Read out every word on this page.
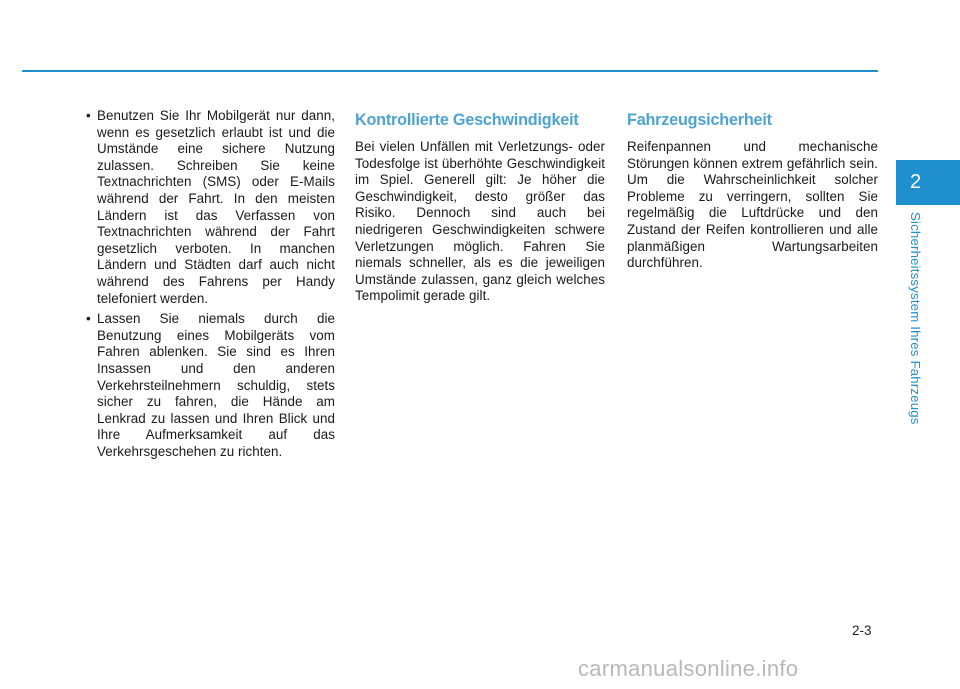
• Benutzen Sie Ihr Mobilgerät nur dann, wenn es gesetzlich erlaubt ist und die Umstände eine sichere Nutzung zulassen. Schreiben Sie keine Textnachrichten (SMS) oder E-Mails während der Fahrt. In den meisten Ländern ist das Verfassen von Textnachrichten während der Fahrt gesetzlich verboten. In manchen Ländern und Städten darf auch nicht während des Fahrens per Handy telefoniert werden.
• Lassen Sie niemals durch die Benutzung eines Mobilgeräts vom Fahren ablenken. Sie sind es Ihren Insassen und den anderen Verkehrsteilnehmern schuldig, stets sicher zu fahren, die Hände am Lenkrad zu lassen und Ihren Blick und Ihre Aufmerksamkeit auf das Verkehrsgeschehen zu richten.
Kontrollierte Geschwindigkeit

Bei vielen Unfällen mit Verletzungs- oder Todesfolge ist überhöhte Geschwindigkeit im Spiel. Generell gilt: Je höher die Geschwindigkeit, desto größer das Risiko. Dennoch sind auch bei niedrigeren Geschwindigkeiten schwere Verletzungen möglich. Fahren Sie niemals schneller, als es die jeweiligen Umstände zulassen, ganz gleich welches Tempolimit gerade gilt.

Fahrzeugsicherheit

Reifenpannen und mechanische Störungen können extrem gefährlich sein. Um die Wahrscheinlichkeit solcher Probleme zu verringern, sollten Sie regelmäßig die Luftdrücke und den Zustand der Reifen kontrollieren und alle planmäßigen Wartungsarbeiten durchführen.

2
Sicherheitssystem Ihres Fahrzeugs
2-3
carmanualsonline.info
